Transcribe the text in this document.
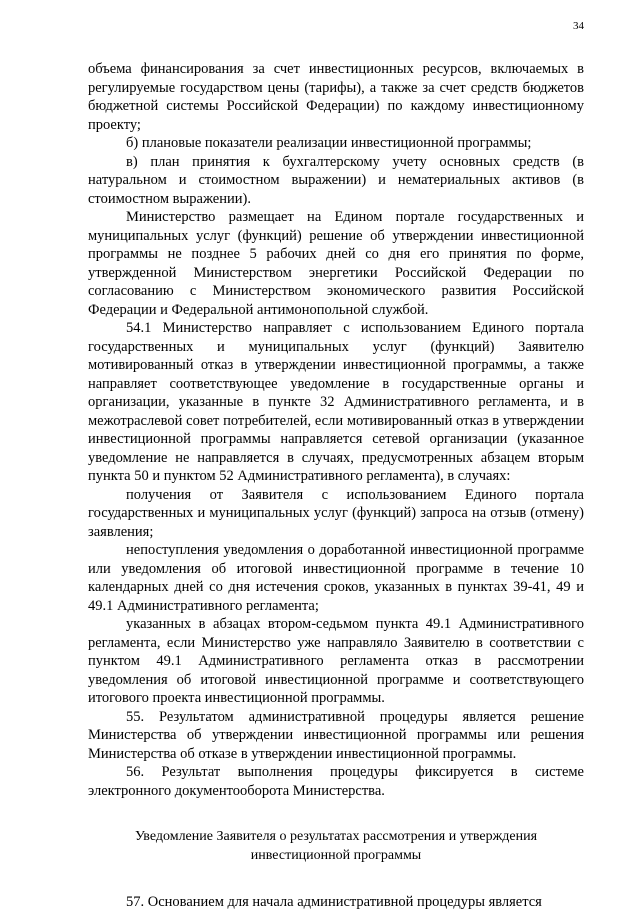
34

объема финансирования за счет инвестиционных ресурсов, включаемых в регулируемые государством цены (тарифы), а также за счет средств бюджетов бюджетной системы Российской Федерации) по каждому инвестиционному проекту;

б) плановые показатели реализации инвестиционной программы;

в) план принятия к бухгалтерскому учету основных средств (в натуральном и стоимостном выражении) и нематериальных активов (в стоимостном выражении).

Министерство размещает на Едином портале государственных и муниципальных услуг (функций) решение об утверждении инвестиционной программы не позднее 5 рабочих дней со дня его принятия по форме, утвержденной Министерством энергетики Российской Федерации по согласованию с Министерством экономического развития Российской Федерации и Федеральной антимонопольной службой.

54.1 Министерство направляет с использованием Единого портала государственных и муниципальных услуг (функций) Заявителю мотивированный отказ в утверждении инвестиционной программы, а также направляет соответствующее уведомление в государственные органы и организации, указанные в пункте 32 Административного регламента, и в межотраслевой совет потребителей, если мотивированный отказ в утверждении инвестиционной программы направляется сетевой организации (указанное уведомление не направляется в случаях, предусмотренных абзацем вторым пункта 50 и пунктом 52 Административного регламента), в случаях:

получения от Заявителя с использованием Единого портала государственных и муниципальных услуг (функций) запроса на отзыв (отмену) заявления;

непоступления уведомления о доработанной инвестиционной программе или уведомления об итоговой инвестиционной программе в течение 10 календарных дней со дня истечения сроков, указанных в пунктах 39-41, 49 и 49.1 Административного регламента;

указанных в абзацах втором-седьмом пункта 49.1 Административного регламента, если Министерство уже направляло Заявителю в соответствии с пунктом 49.1 Административного регламента отказ в рассмотрении уведомления об итоговой инвестиционной программе и соответствующего итогового проекта инвестиционной программы.

55. Результатом административной процедуры является решение Министерства об утверждении инвестиционной программы или решения Министерства об отказе в утверждении инвестиционной программы.

56. Результат выполнения процедуры фиксируется в системе электронного документооборота Министерства.

Уведомление Заявителя о результатах рассмотрения и утверждения инвестиционной программы

57. Основанием для начала административной процедуры является
